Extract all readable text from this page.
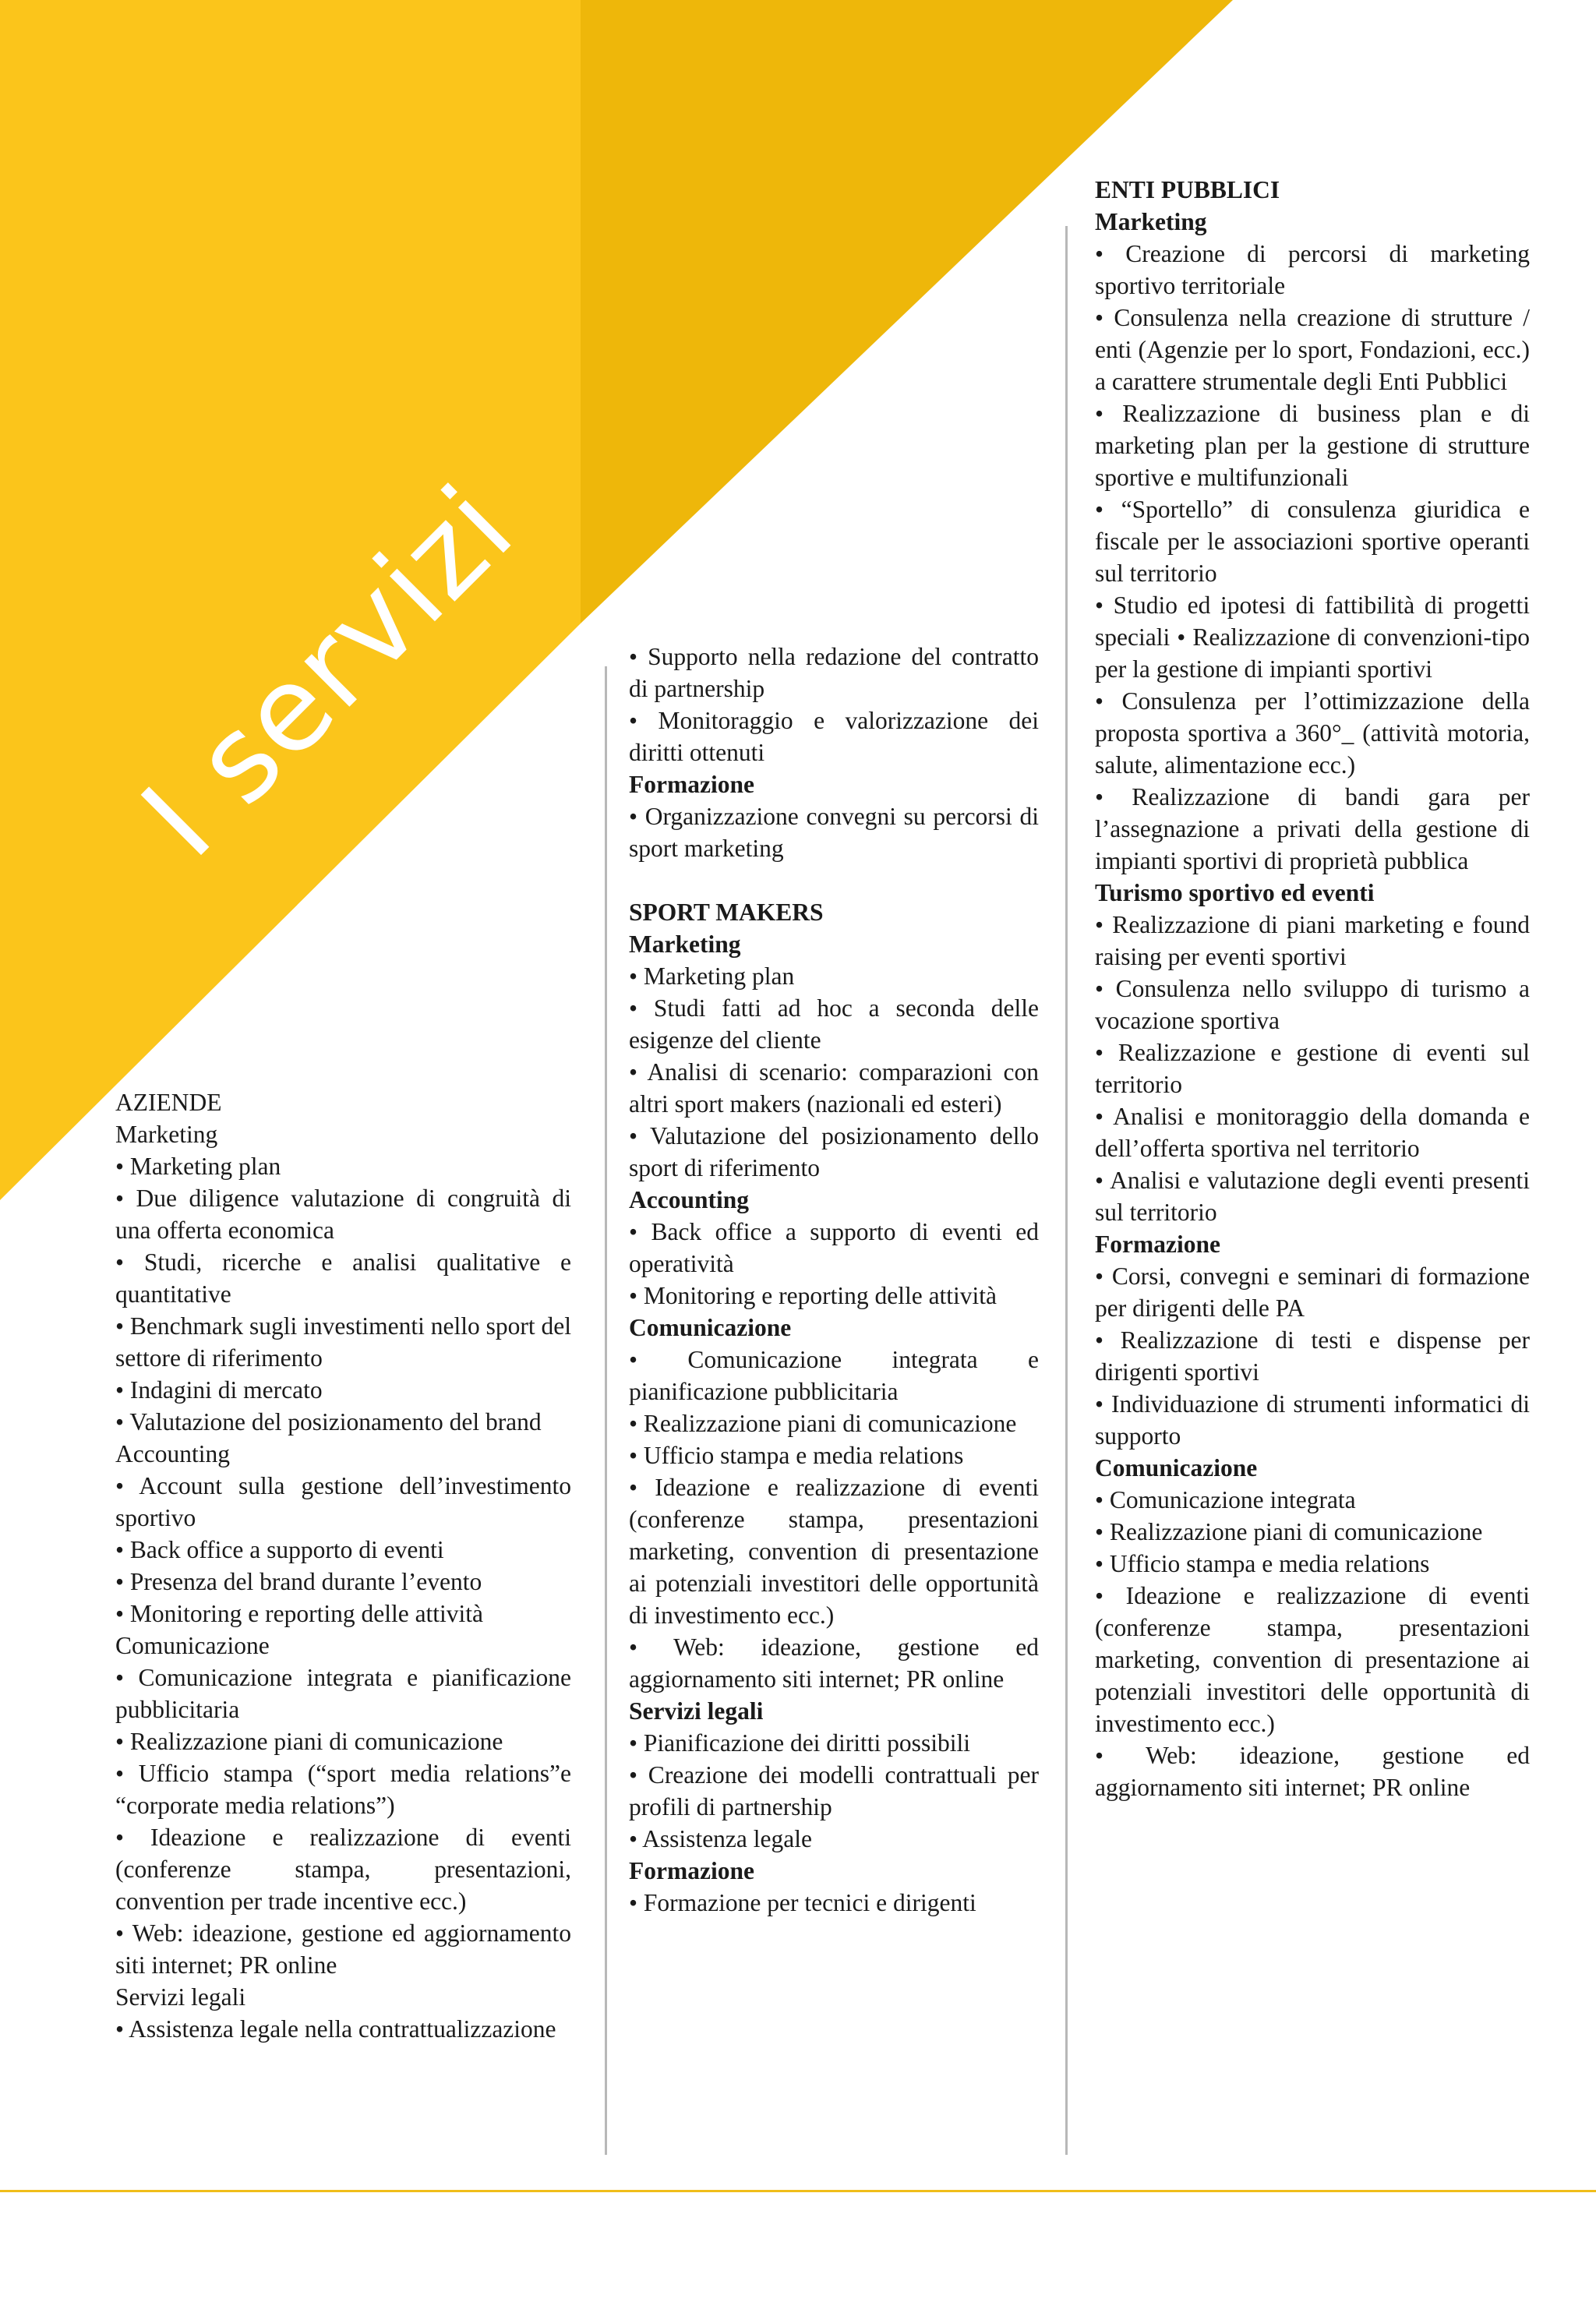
I servizi

AZIENDE

Marketing

• Marketing plan

• Due diligence valutazione di congruità di una offerta economica

• Studi, ricerche e analisi qualitative e quantitative

• Benchmark sugli investimenti nello sport del settore di riferimento

• Indagini di mercato

• Valutazione del posizionamento del brand

Accounting

• Account sulla gestione dell’investimento sportivo

• Back office a supporto di eventi

• Presenza del brand durante l’evento

• Monitoring e reporting delle attività

Comunicazione

• Comunicazione integrata e pianificazione pubblicitaria

• Realizzazione piani di comunicazione

• Ufficio stampa (“sport media relations”e “corporate media relations”)

• Ideazione e realizzazione di eventi (conferenze stampa, presentazioni, convention per trade incentive ecc.)

• Web: ideazione, gestione ed aggiornamento siti internet; PR online

Servizi legali

• Assistenza legale nella contrattualizzazione

• Supporto nella redazione del contratto di partnership

• Monitoraggio e valorizzazione dei diritti ottenuti

Formazione

• Organizzazione convegni su percorsi di sport marketing

SPORT MAKERS

Marketing

• Marketing plan

• Studi fatti ad hoc a seconda delle esigenze del cliente

• Analisi di scenario: comparazioni con altri sport makers (nazionali ed esteri)

• Valutazione del posizionamento dello sport di riferimento

Accounting

• Back office a supporto di eventi ed operatività

• Monitoring e reporting delle attività

Comunicazione

• Comunicazione integrata e pianificazione pubblicitaria

• Realizzazione piani di comunicazione

• Ufficio stampa e media relations

• Ideazione e realizzazione di eventi (conferenze stampa, presentazioni marketing, convention di presentazione ai potenziali investitori delle opportunità di investimento ecc.)

• Web: ideazione, gestione ed aggiornamento siti internet; PR online

Servizi legali

• Pianificazione dei diritti possibili

• Creazione dei modelli contrattuali per profili di partnership

• Assistenza legale

Formazione

• Formazione per tecnici e dirigenti

ENTI PUBBLICI

Marketing

• Creazione di percorsi di marketing sportivo territoriale

• Consulenza nella creazione di strutture / enti (Agenzie per lo sport, Fondazioni, ecc.) a carattere strumentale degli Enti Pubblici

• Realizzazione di business plan e di marketing plan per la gestione di strutture sportive e multifunzionali

• “Sportello” di consulenza giuridica e fiscale per le associazioni sportive operanti sul territorio

• Studio ed ipotesi di fattibilità di progetti speciali • Realizzazione di convenzioni-tipo per la gestione di impianti sportivi

• Consulenza per l’ottimizzazione della proposta sportiva a 360°_ (attività motoria, salute, alimentazione ecc.)

• Realizzazione di bandi gara per l’assegnazione a privati della gestione di impianti sportivi di proprietà pubblica

Turismo sportivo ed eventi

• Realizzazione di piani marketing e found raising per eventi sportivi

• Consulenza nello sviluppo di turismo a vocazione sportiva

• Realizzazione e gestione di eventi sul territorio

• Analisi e monitoraggio della domanda e dell’offerta sportiva nel territorio

• Analisi e valutazione degli eventi presenti sul territorio

Formazione

• Corsi, convegni e seminari di formazione per dirigenti delle PA

• Realizzazione di testi e dispense per dirigenti sportivi

• Individuazione di strumenti informatici di supporto

Comunicazione

• Comunicazione integrata

• Realizzazione piani di comunicazione

• Ufficio stampa e media relations

• Ideazione e realizzazione di eventi (conferenze stampa, presentazioni marketing, convention di presentazione ai potenziali investitori delle opportunità di investimento ecc.)

• Web: ideazione, gestione ed aggiornamento siti internet; PR online
